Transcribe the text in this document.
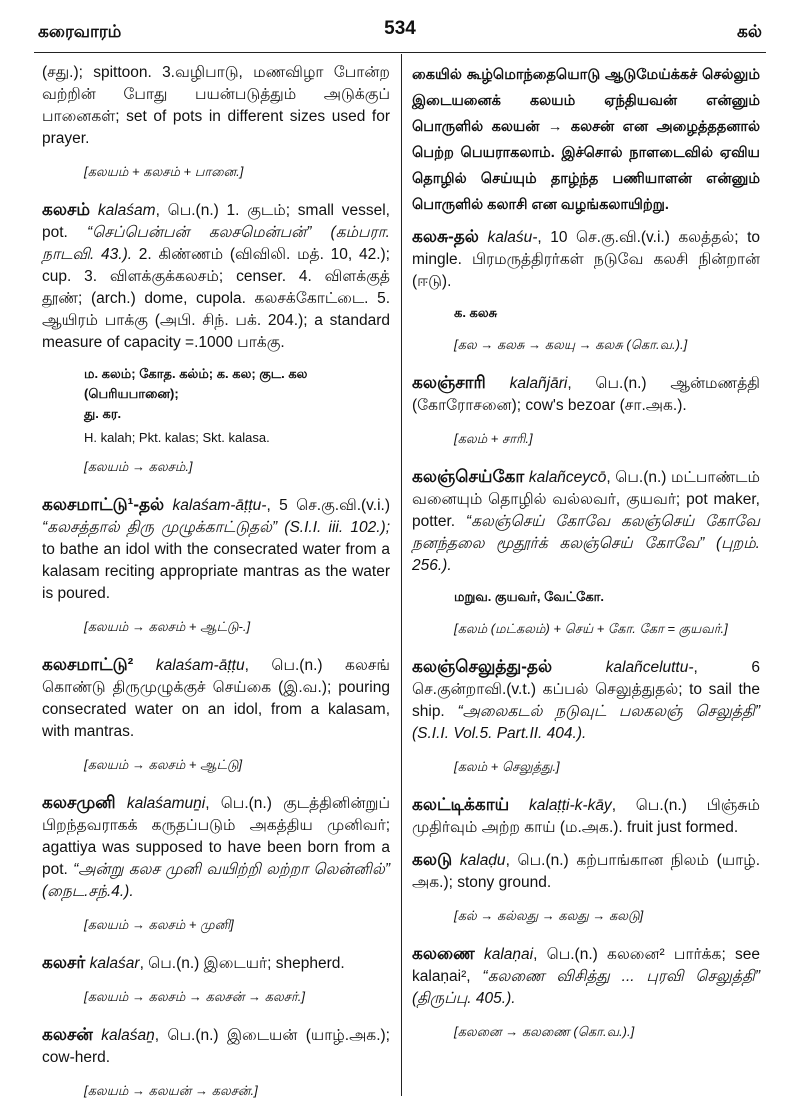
கரைவாரம்	534	கல்

(சது.); spittoon. 3.வழிபாடு, மணவிழா போன்ற வற்றின் போது பயன்படுத்தும் அடுக்குப் பானைகள்; set of pots in different sizes used for prayer.

[கலயம் + கலசம் + பானை.]

கலசம் kalaśam, பெ.(n.) 1. குடம்; small vessel, pot. “செப்பென்பன் கலசமென்பன்” (கம்பரா. நாடவி. 43.). 2. கிண்ணம் (விவிலி. மத். 10, 42.); cup. 3. விளக்குக்கலசம்; censer. 4. விளக்குத் தூண்; (arch.) dome, cupola. கலசக்கோட்டை. 5. ஆயிரம் பாக்கு (அபி. சிந். பக். 204.); a standard measure of capacity =.1000 பாக்கு.

ம. கலம்; கோத. கல்ம்; க. கல; குட. கல (பெரியபானை);
து. கர.
H. kalah; Pkt. kalas; Skt. kalasa.
[கலயம் → கலசம்.]

கலசமாட்டு¹-தல் kalaśam-āṭṭu-, 5 செ.கு.வி.(v.i.) “கலசத்தால் திரு முழுக்காட்டுதல்” (S.I.I. iii. 102.); to bathe an idol with the consecrated water from a kalasam reciting appropriate mantras as the water is poured.

[கலயம் → கலசம் + ஆட்டு-.]

கலசமாட்டு² kalaśam-āṭṭu, பெ.(n.) கலசங் கொண்டு திருமுழுக்குச் செய்கை (இ.வ.); pouring consecrated water on an idol, from a kalasam, with mantras.

[கலயம் → கலசம் + ஆட்டு]

கலசமுனி kalaśamuṉi, பெ.(n.) குடத்தினின்றுப் பிறந்தவராகக் கருதப்படும் அகத்திய முனிவர்; agattiya was supposed to have been born from a pot. “அன்று கலச முனி வயிற்றி லற்றா லென்னில்” (நைட.சந்.4.).

[கலயம் → கலசம் + முனி]

கலசர் kalaśar, பெ.(n.) இடையர்; shepherd.

[கலயம் → கலசம் → கலசன் → கலசர்.]

கலசன் kalaśaṉ, பெ.(n.) இடையன் (யாழ்.அக.); cow-herd.

[கலயம் → கலயன் → கலசன்.]

கையில் கூழ்மொந்தையொடு ஆடுமேய்க்கச் செல்லும் இடையனைக் கலயம் ஏந்தியவன் என்னும் பொருளில் கலயன் → கலசன் என அழைத்ததனால் பெற்ற பெயராகலாம். இச்சொல் நாளடைவில் ஏவிய தொழில் செய்யும் தாழ்ந்த பணியாளன் என்னும் பொருளில் கலாசி என வழங்கலாயிற்று.

கலசு-தல் kalaśu-, 10 செ.கு.வி.(v.i.) கலத்தல்; to mingle. பிரமருத்திரர்கள் நடுவே கலசி நின்றான் (ஈடு).

க. கலசு
[கல → கலசு → கலயு → கலசு (கொ.வ.).]

கலஞ்சாரி kalañjāri, பெ.(n.) ஆன்மணத்தி (கோரோசனை); cow's bezoar (சா.அக.).

[கலம் + சாரி.]

கலஞ்செய்கோ kalañceycō, பெ.(n.) மட்பாண்டம் வனையும் தொழில் வல்லவர், குயவர்; pot maker, potter. “கலஞ்செய் கோவே கலஞ்செய் கோவே நனந்தலை மூதூர்க் கலஞ்செய் கோவே” (புறம். 256.).

மறுவ. குயவர், வேட்கோ.
[கலம் (மட்கலம்) + செய் + கோ. கோ = குயவர்.]

கலஞ்செலுத்து-தல்	kalañceluttu-, 6 செ.குன்றாவி.(v.t.) கப்பல் செலுத்துதல்; to sail the ship. “அலைகடல் நடுவுட் பலகலஞ் செலுத்தி” (S.I.I. Vol.5. Part.II. 404.).

[கலம் + செலுத்து.]

கலட்டிக்காய் kalaṭṭi-k-kāy, பெ.(n.) பிஞ்சும் முதிர்வும் அற்ற காய் (ம.அக.). fruit just formed.

கலடு kalaḍu, பெ.(n.) கற்பாங்கான நிலம் (யாழ். அக.); stony ground.

[கல் → கல்லது → கலது → கலடு]

கலணை kalaṇai, பெ.(n.) கலனை² பார்க்க; see kalaṇai², “கலணை விசித்து ... புரவி செலுத்தி” (திருப்பு. 405.).

[கலனை → கலணை (கொ.வ.).]
